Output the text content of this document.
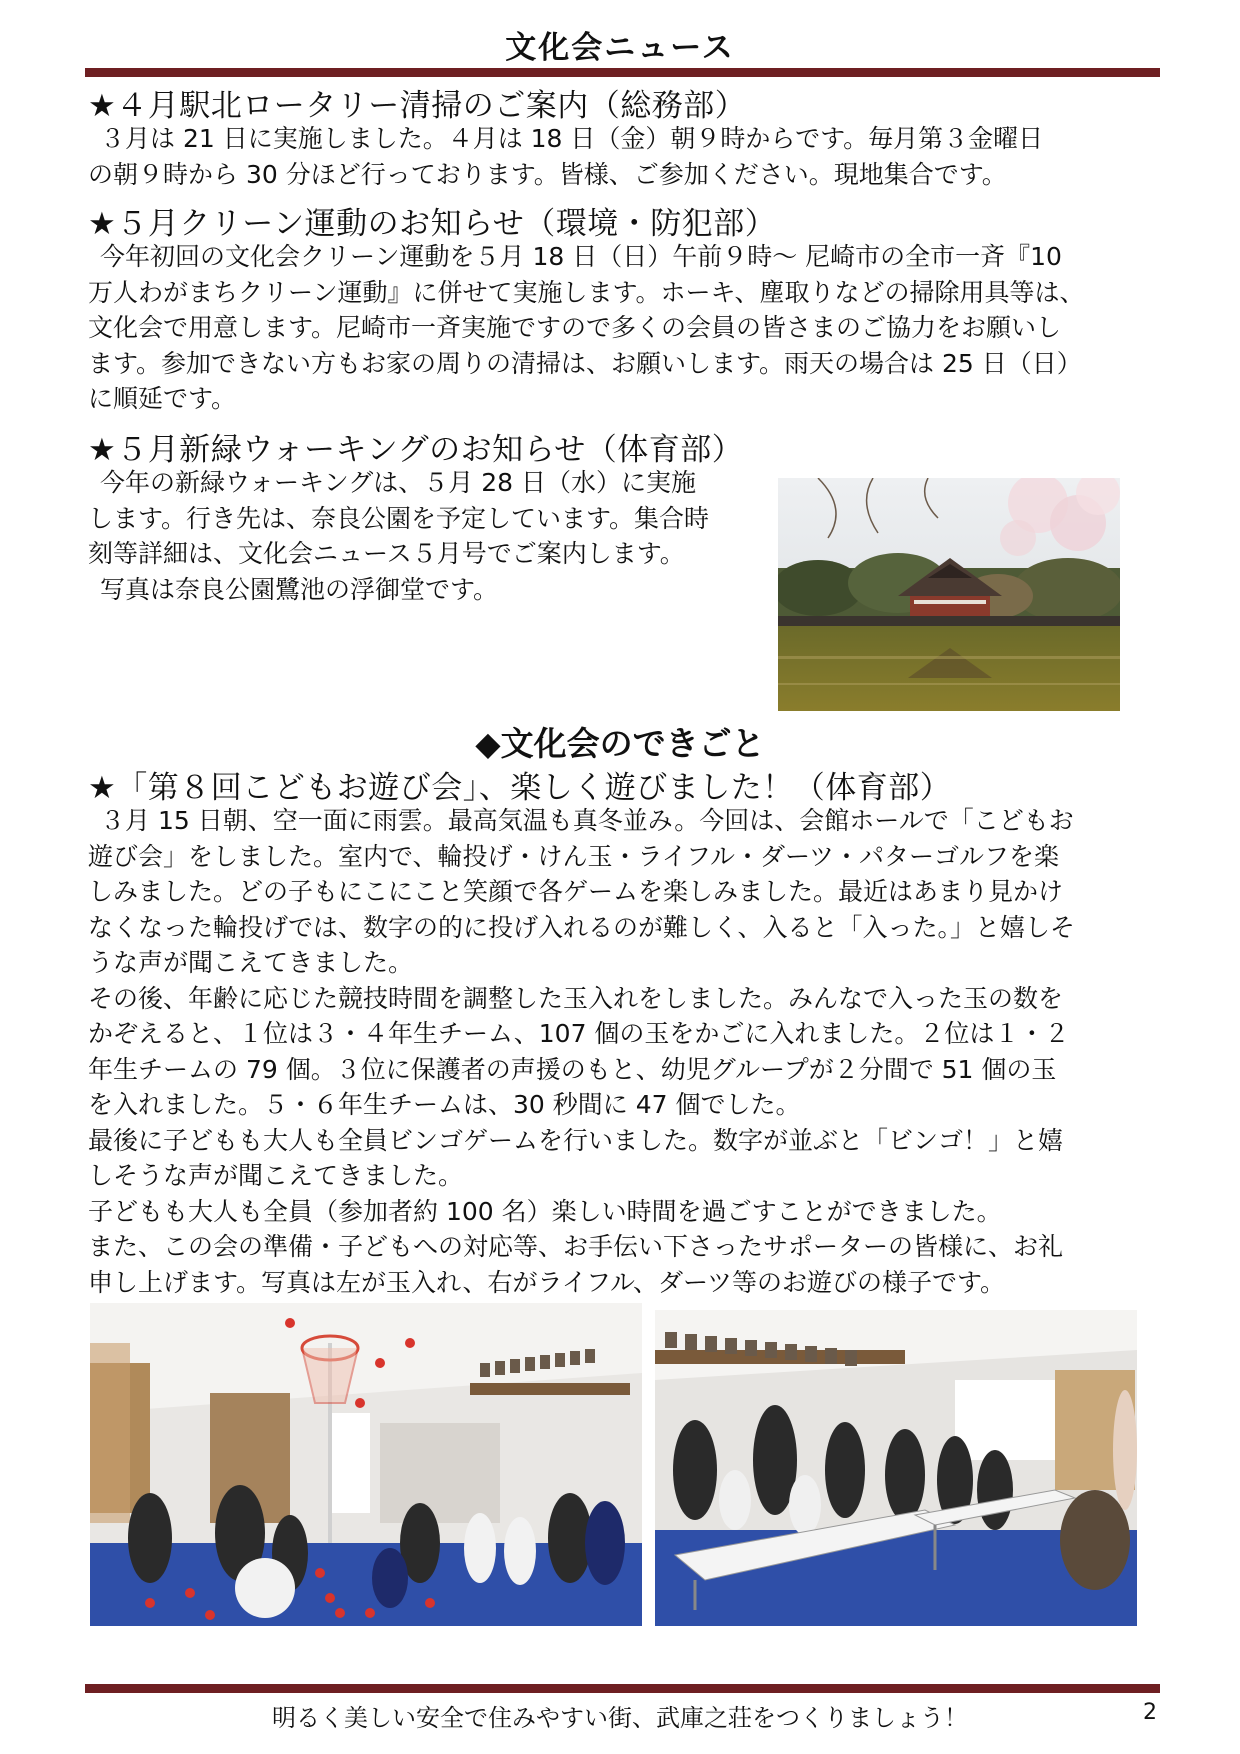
文化会ニュース
★４月駅北ロータリー清掃のご案内（総務部）

３月は 21 日に実施しました。４月は 18 日（金）朝９時からです。毎月第３金曜日

の朝９時から 30 分ほど行っております。皆様、ご参加ください。現地集合です。

★５月クリーン運動のお知らせ（環境・防犯部）

今年初回の文化会クリーン運動を５月 18 日（日）午前９時～ 尼崎市の全市一斉『10

万人わがまちクリーン運動』に併せて実施します。ホーキ、塵取りなどの掃除用具等は、

文化会で用意します。尼崎市一斉実施ですので多くの会員の皆さまのご協力をお願いし

ます。参加できない方もお家の周りの清掃は、お願いします。雨天の場合は 25 日（日）

に順延です。

★５月新緑ウォーキングのお知らせ（体育部）

今年の新緑ウォーキングは、５月 28 日（水）に実施

します。行き先は、奈良公園を予定しています。集合時

刻等詳細は、文化会ニュース５月号でご案内します。

写真は奈良公園鷺池の浮御堂です。

◆文化会のできごと
★「第８回こどもお遊び会」、楽しく遊びました！（体育部）

３月 15 日朝、空一面に雨雲。最高気温も真冬並み。今回は、会館ホールで「こどもお

遊び会」をしました。室内で、輪投げ・けん玉・ライフル・ダーツ・パターゴルフを楽

しみました。どの子もにこにこと笑顔で各ゲームを楽しみました。最近はあまり見かけ

なくなった輪投げでは、数字の的に投げ入れるのが難しく、入ると「入った。」と嬉しそ

うな声が聞こえてきました。

その後、年齢に応じた競技時間を調整した玉入れをしました。みんなで入った玉の数を

かぞえると、１位は３・４年生チーム、107 個の玉をかごに入れました。２位は１・２

年生チームの 79 個。３位に保護者の声援のもと、幼児グループが２分間で 51 個の玉

を入れました。５・６年生チームは、30 秒間に 47 個でした。

最後に子どもも大人も全員ビンゴゲームを行いました。数字が並ぶと「ビンゴ！」と嬉

しそうな声が聞こえてきました。

子どもも大人も全員（参加者約 100 名）楽しい時間を過ごすことができました。

また、この会の準備・子どもへの対応等、お手伝い下さったサポーターの皆様に、お礼

申し上げます。写真は左が玉入れ、右がライフル、ダーツ等のお遊びの様子です。

明るく美しい安全で住みやすい街、武庫之荘をつくりましょう！	2
